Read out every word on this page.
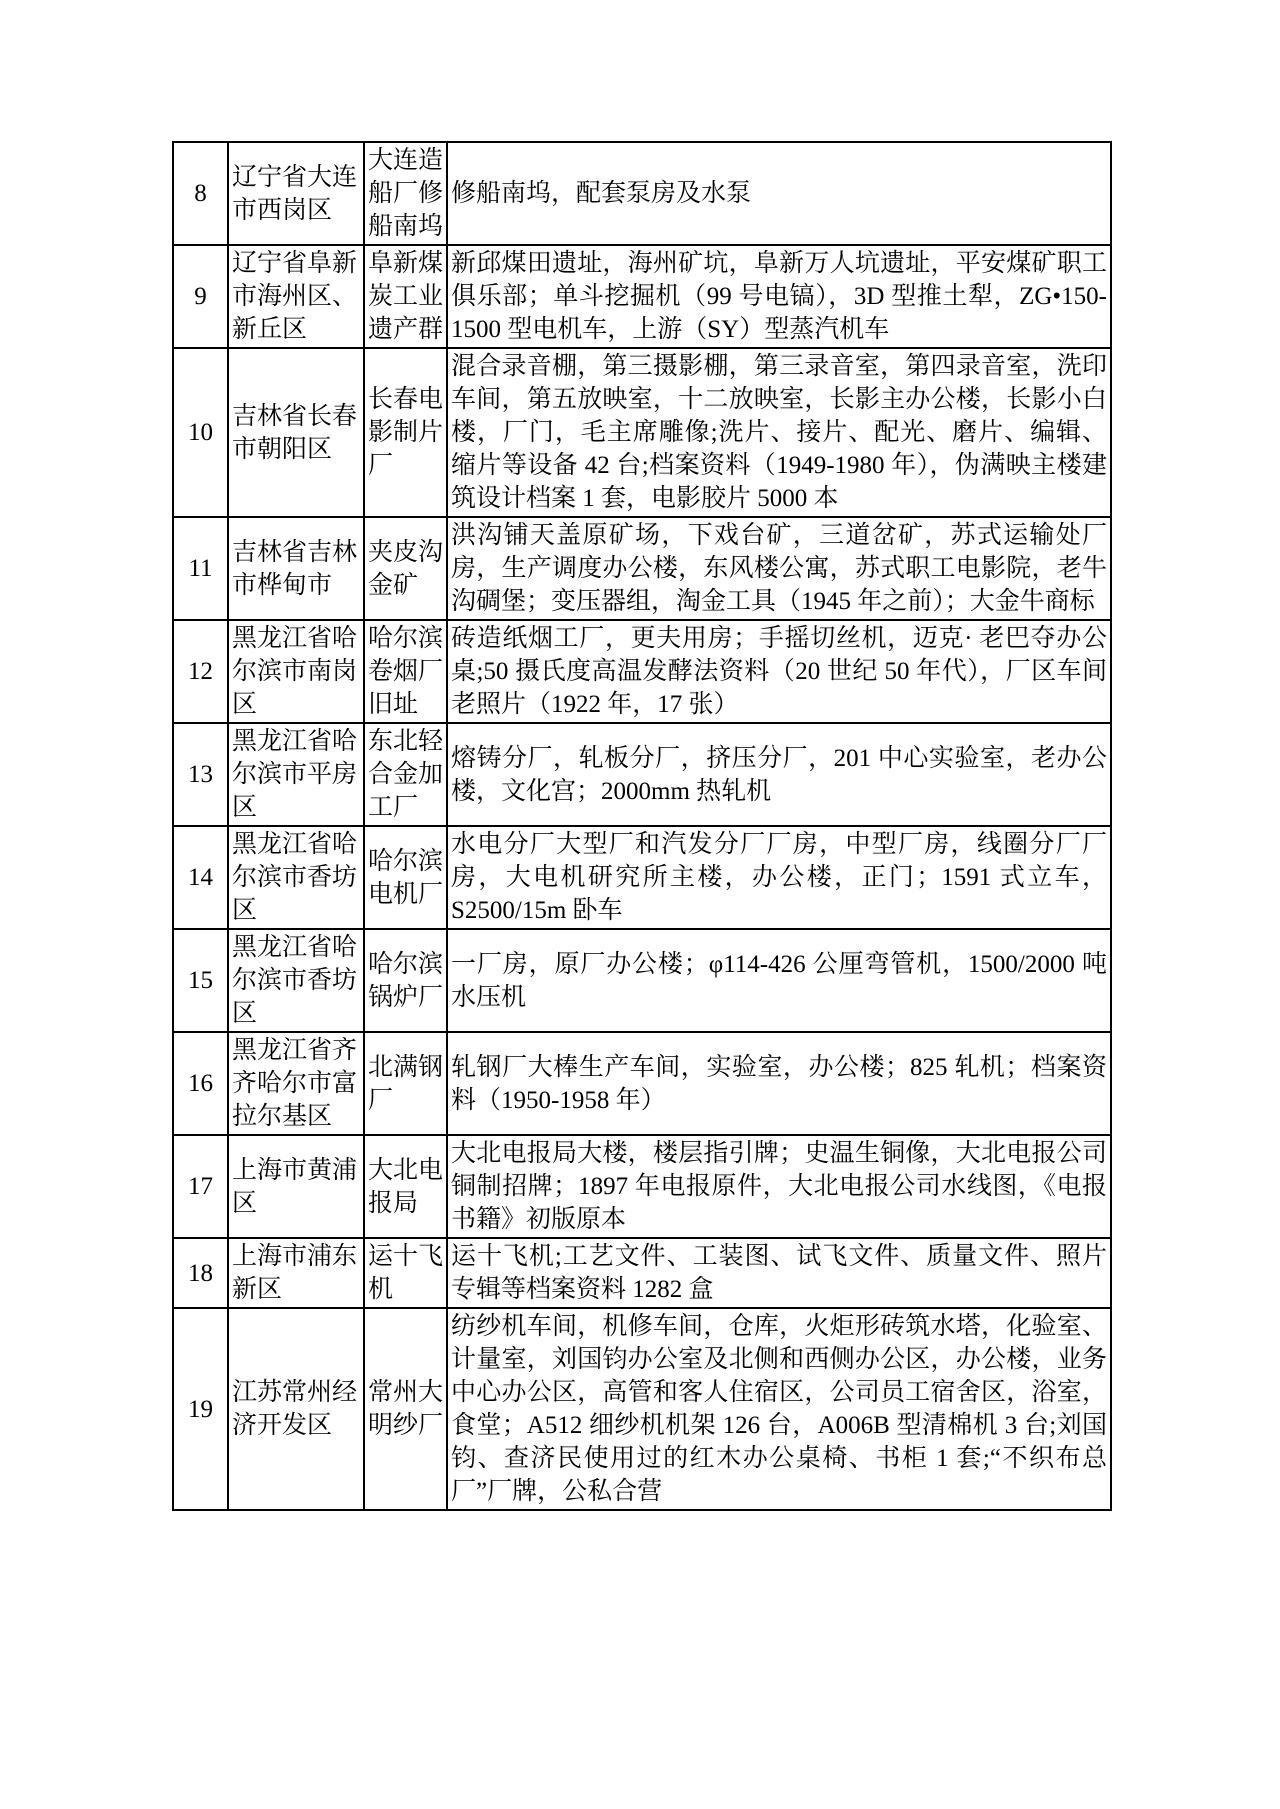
8	辽宁省大连市西岗区	大连造船厂修船南坞	修船南坞，配套泵房及水泵
9	辽宁省阜新市海州区、新丘区	阜新煤炭工业遗产群	新邱煤田遗址，海州矿坑，阜新万人坑遗址，平安煤矿职工俱乐部；单斗挖掘机（99 号电镐），3D 型推土犁，ZG•150-1500 型电机车，上游（SY）型蒸汽机车
10	吉林省长春市朝阳区	长春电影制片厂	混合录音棚，第三摄影棚，第三录音室，第四录音室，洗印车间，第五放映室，十二放映室，长影主办公楼，长影小白楼，厂门，毛主席雕像;洗片、接片、配光、磨片、编辑、缩片等设备 42 台;档案资料（1949-1980 年），伪满映主楼建筑设计档案 1 套，电影胶片 5000 本
11	吉林省吉林市桦甸市	夹皮沟金矿	洪沟铺天盖原矿场，下戏台矿，三道岔矿，苏式运输处厂房，生产调度办公楼，东风楼公寓，苏式职工电影院，老牛沟碉堡；变压器组，淘金工具（1945 年之前）；大金牛商标
12	黑龙江省哈尔滨市南岗区	哈尔滨卷烟厂旧址	砖造纸烟工厂，更夫用房；手摇切丝机，迈克· 老巴夺办公桌;50 摄氏度高温发酵法资料（20 世纪 50 年代），厂区车间老照片（1922 年，17 张）
13	黑龙江省哈尔滨市平房区	东北轻合金加工厂	熔铸分厂，轧板分厂，挤压分厂，201 中心实验室，老办公楼，文化宫；2000mm 热轧机
14	黑龙江省哈尔滨市香坊区	哈尔滨电机厂	水电分厂大型厂和汽发分厂厂房，中型厂房，线圈分厂厂房，大电机研究所主楼，办公楼，正门；1591 式立车，S2500/15m 卧车
15	黑龙江省哈尔滨市香坊区	哈尔滨锅炉厂	一厂房，原厂办公楼；φ114-426 公厘弯管机，1500/2000 吨水压机
16	黑龙江省齐齐哈尔市富拉尔基区	北满钢厂	轧钢厂大棒生产车间，实验室，办公楼；825 轧机；档案资料（1950-1958 年）
17	上海市黄浦区	大北电报局	大北电报局大楼，楼层指引牌；史温生铜像，大北电报公司铜制招牌；1897 年电报原件，大北电报公司水线图，《电报书籍》初版原本
18	上海市浦东新区	运十飞机	运十飞机;工艺文件、工装图、试飞文件、质量文件、照片专辑等档案资料 1282 盒
19	江苏常州经济开发区	常州大明纱厂	纺纱机车间，机修车间，仓库，火炬形砖筑水塔，化验室、计量室，刘国钧办公室及北侧和西侧办公区，办公楼，业务中心办公区，高管和客人住宿区，公司员工宿舍区，浴室，食堂；A512 细纱机机架 126 台，A006B 型清棉机 3 台;刘国钧、查济民使用过的红木办公桌椅、书柜 1 套;“不织布总厂”厂牌，公私合营
